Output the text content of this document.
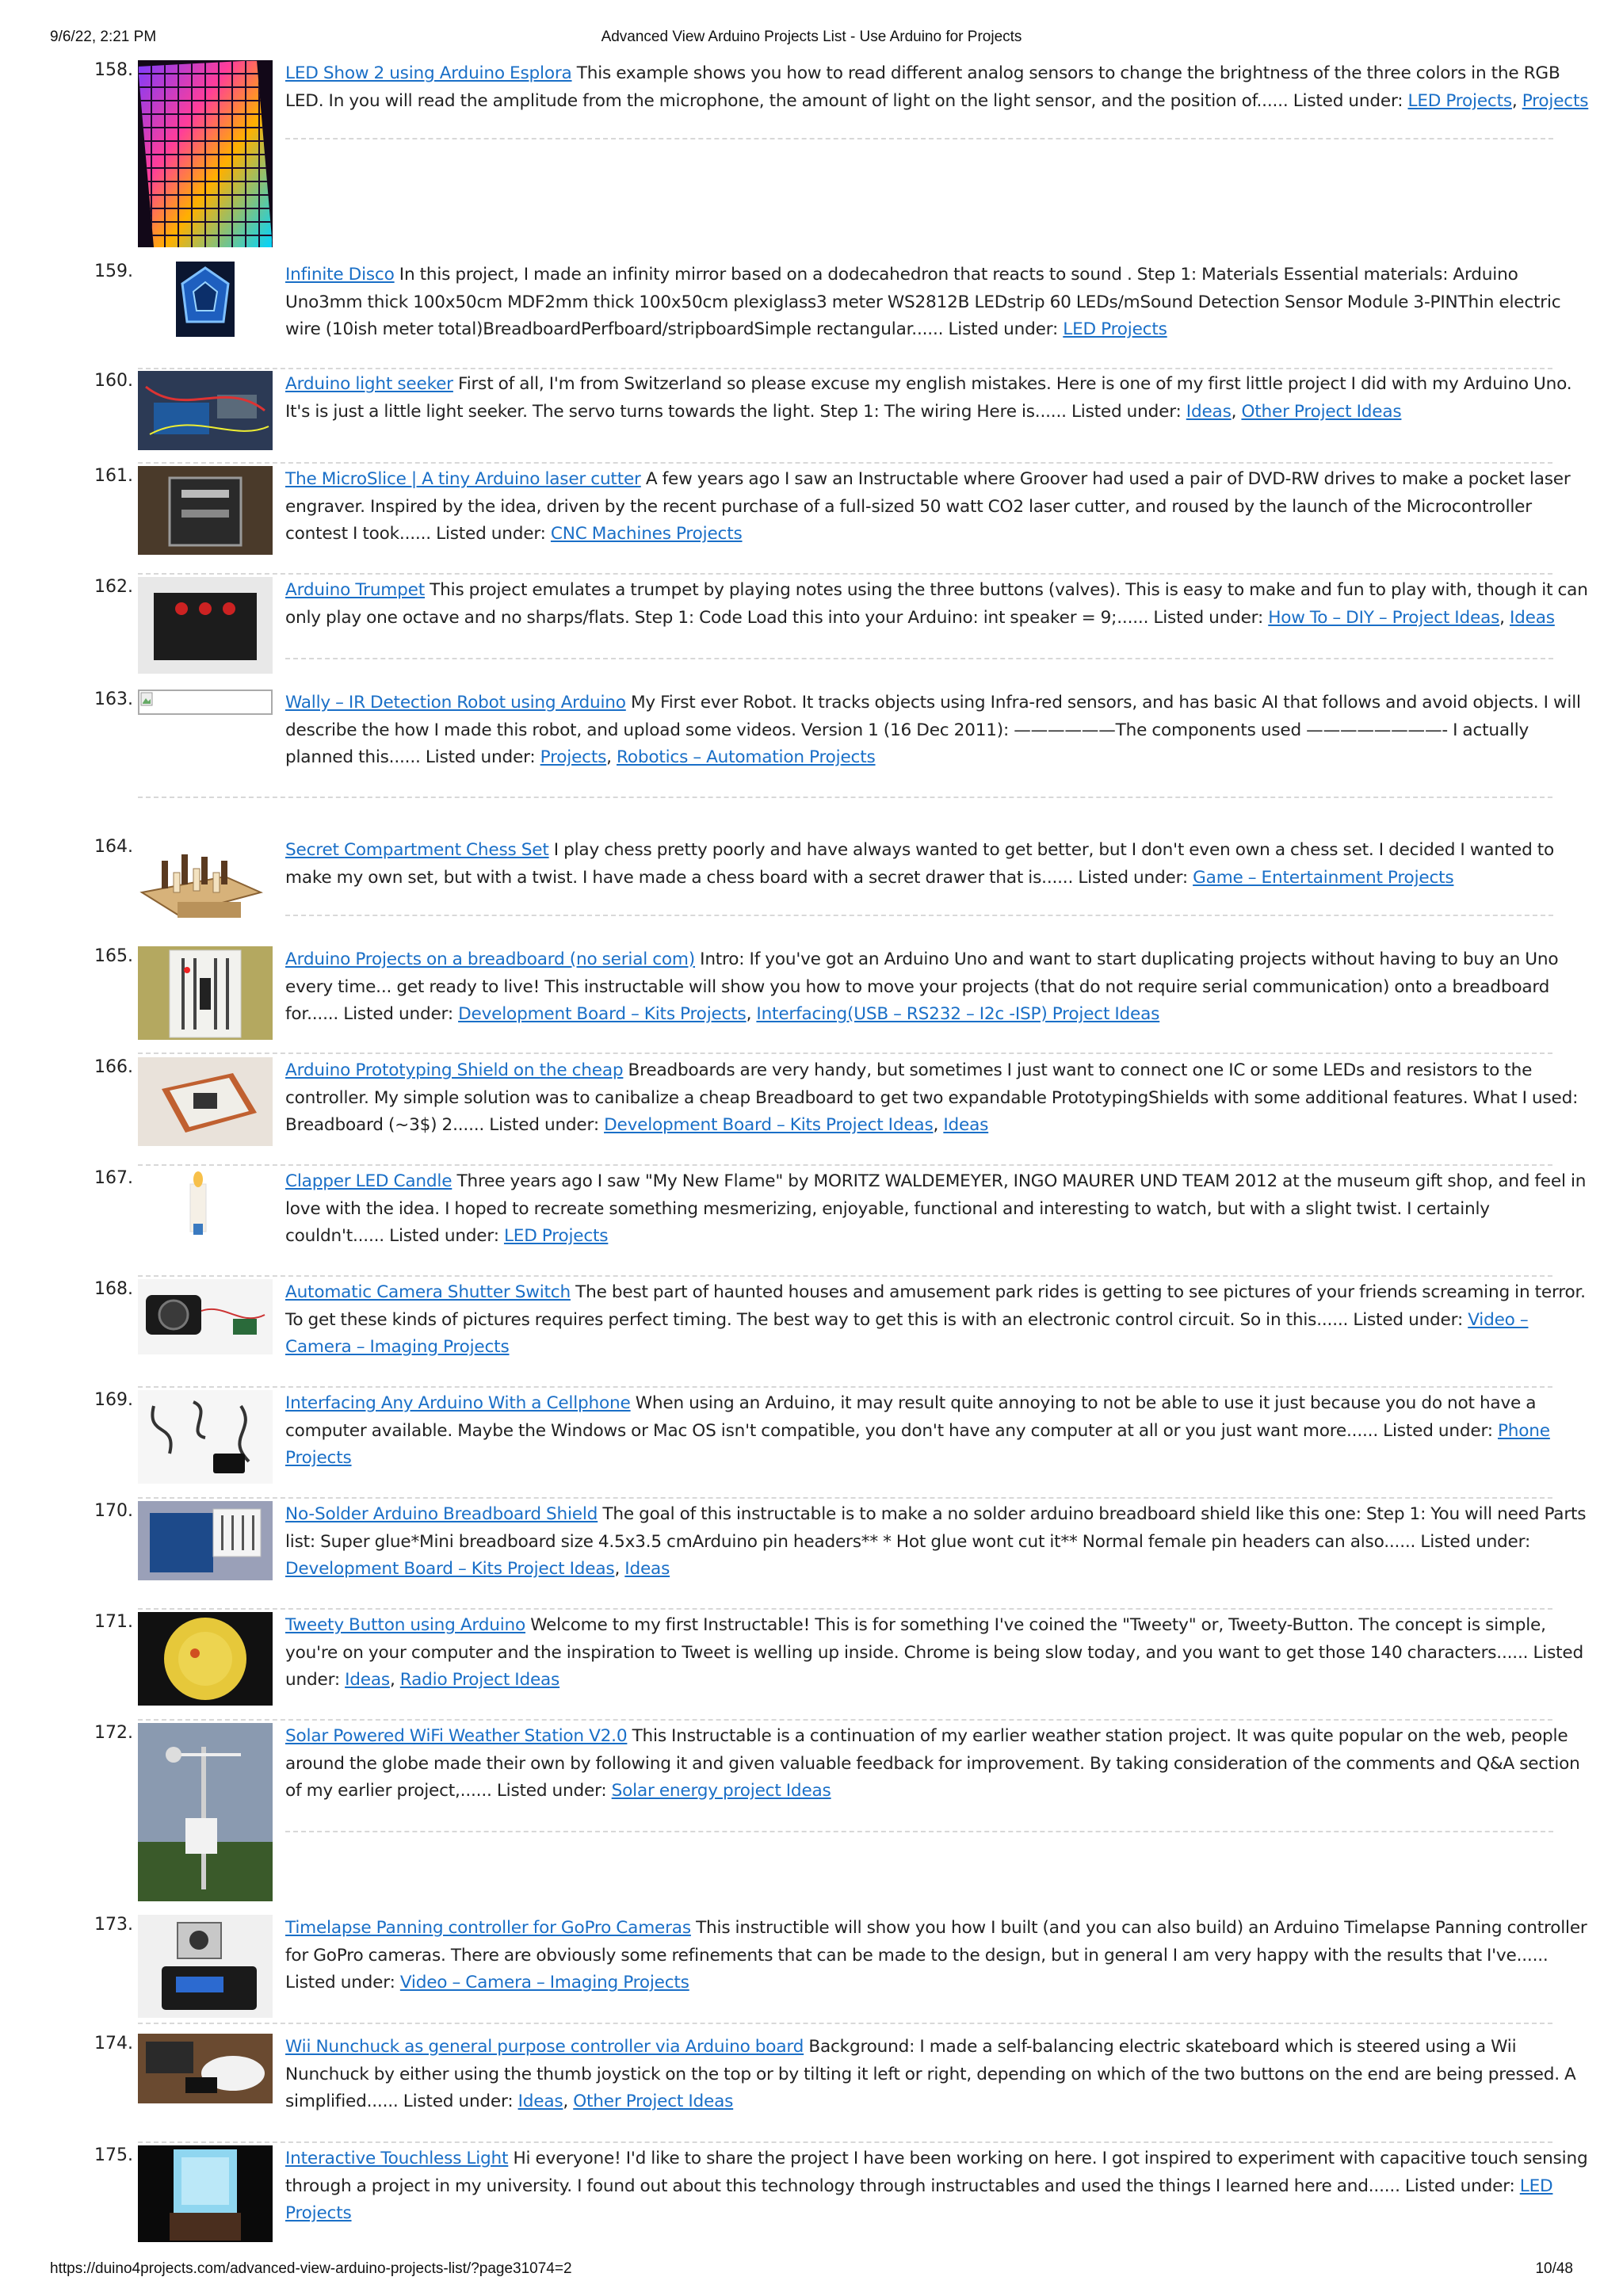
9/6/22, 2:21 PM	Advanced View Arduino Projects List - Use Arduino for Projects
158.	LED Show 2 using Arduino Esplora This example shows you how to read different analog sensors to change the brightness of the three colors in the RGB LED. In you will read the amplitude from the microphone, the amount of light on the light sensor, and the position of...... Listed under: LED Projects, Projects
159.	Infinite Disco In this project, I made an infinity mirror based on a dodecahedron that reacts to sound . Step 1: Materials Essential materials: Arduino Uno3mm thick 100x50cm MDF2mm thick 100x50cm plexiglass3 meter WS2812B LEDstrip 60 LEDs/mSound Detection Sensor Module 3-PINThin electric wire (10ish meter total)BreadboardPerfboard/stripboardSimple rectangular...... Listed under: LED Projects
160.	Arduino light seeker First of all, I'm from Switzerland so please excuse my english mistakes. Here is one of my first little project I did with my Arduino Uno. It's is just a little light seeker. The servo turns towards the light. Step 1: The wiring Here is...... Listed under: Ideas, Other Project Ideas
161.	The MicroSlice | A tiny Arduino laser cutter A few years ago I saw an Instructable where Groover had used a pair of DVD-RW drives to make a pocket laser engraver. Inspired by the idea, driven by the recent purchase of a full-sized 50 watt CO2 laser cutter, and roused by the launch of the Microcontroller contest I took...... Listed under: CNC Machines Projects
162.	Arduino Trumpet This project emulates a trumpet by playing notes using the three buttons (valves). This is easy to make and fun to play with, though it can only play one octave and no sharps/flats. Step 1: Code Load this into your Arduino: int speaker = 9;...... Listed under: How To – DIY – Project Ideas, Ideas
163.	Wally – IR Detection Robot using Arduino My First ever Robot. It tracks objects using Infra-red sensors, and has basic AI that follows and avoid objects. I will describe the how I made this robot, and upload some videos. Version 1 (16 Dec 2011): ——————The components used ————————- I actually planned this...... Listed under: Projects, Robotics – Automation Projects
164.	Secret Compartment Chess Set I play chess pretty poorly and have always wanted to get better, but I don't even own a chess set. I decided I wanted to make my own set, but with a twist. I have made a chess board with a secret drawer that is...... Listed under: Game – Entertainment Projects
165.	Arduino Projects on a breadboard (no serial com) Intro: If you've got an Arduino Uno and want to start duplicating projects without having to buy an Uno every time... get ready to live! This instructable will show you how to move your projects (that do not require serial communication) onto a breadboard for...... Listed under: Development Board – Kits Projects, Interfacing(USB – RS232 – I2c -ISP) Project Ideas
166.	Arduino Prototyping Shield on the cheap Breadboards are very handy, but sometimes I just want to connect one IC or some LEDs and resistors to the controller. My simple solution was to canibalize a cheap Breadboard to get two expandable PrototypingShields with some additional features. What I used: Breadboard (~3$) 2...... Listed under: Development Board – Kits Project Ideas, Ideas
167.	Clapper LED Candle Three years ago I saw "My New Flame" by MORITZ WALDEMEYER, INGO MAURER UND TEAM 2012 at the museum gift shop, and feel in love with the idea. I hoped to recreate something mesmerizing, enjoyable, functional and interesting to watch, but with a slight twist. I certainly couldn't...... Listed under: LED Projects
168.	Automatic Camera Shutter Switch The best part of haunted houses and amusement park rides is getting to see pictures of your friends screaming in terror. To get these kinds of pictures requires perfect timing. The best way to get this is with an electronic control circuit. So in this...... Listed under: Video – Camera – Imaging Projects
169.	Interfacing Any Arduino With a Cellphone When using an Arduino, it may result quite annoying to not be able to use it just because you do not have a computer available. Maybe the Windows or Mac OS isn't compatible, you don't have any computer at all or you just want more...... Listed under: Phone Projects
170.	No-Solder Arduino Breadboard Shield The goal of this instructable is to make a no solder arduino breadboard shield like this one: Step 1: You will need Parts list: Super glue*Mini breadboard size 4.5x3.5 cmArduino pin headers** * Hot glue wont cut it** Normal female pin headers can also...... Listed under: Development Board – Kits Project Ideas, Ideas
171.	Tweety Button using Arduino Welcome to my first Instructable! This is for something I've coined the "Tweety" or, Tweety-Button. The concept is simple, you're on your computer and the inspiration to Tweet is welling up inside. Chrome is being slow today, and you want to get those 140 characters...... Listed under: Ideas, Radio Project Ideas
172.	Solar Powered WiFi Weather Station V2.0 This Instructable is a continuation of my earlier weather station project. It was quite popular on the web, people around the globe made their own by following it and given valuable feedback for improvement. By taking consideration of the comments and Q&A section of my earlier project,...... Listed under: Solar energy project Ideas
173.	Timelapse Panning controller for GoPro Cameras This instructible will show you how I built (and you can also build) an Arduino Timelapse Panning controller for GoPro cameras. There are obviously some refinements that can be made to the design, but in general I am very happy with the results that I've...... Listed under: Video – Camera – Imaging Projects
174.	Wii Nunchuck as general purpose controller via Arduino board Background: I made a self-balancing electric skateboard which is steered using a Wii Nunchuck by either using the thumb joystick on the top or by tilting it left or right, depending on which of the two buttons on the end are being pressed. A simplified...... Listed under: Ideas, Other Project Ideas
175.	Interactive Touchless Light Hi everyone! I'd like to share the project I have been working on here. I got inspired to experiment with capacitive touch sensing through a project in my university. I found out about this technology through instructables and used the things I learned here and...... Listed under: LED Projects
https://duino4projects.com/advanced-view-arduino-projects-list/?page31074=2	10/48
